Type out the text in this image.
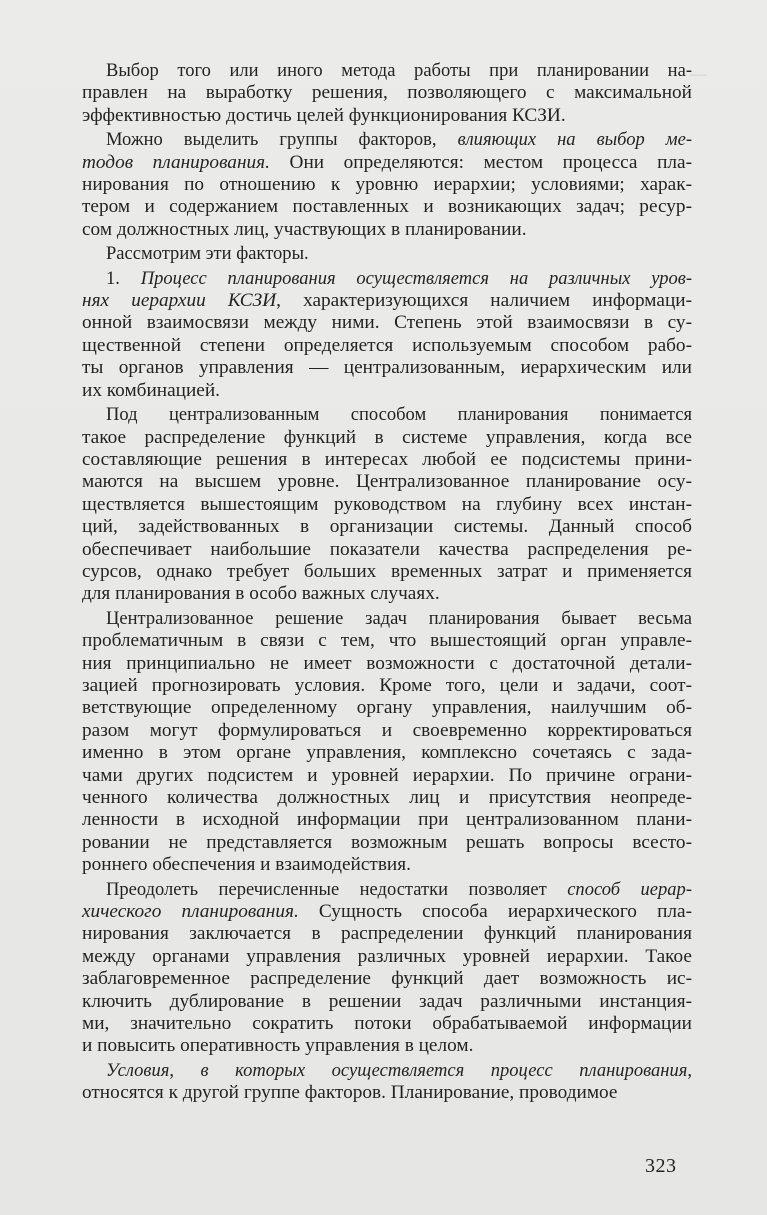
—
Выбор того или иного метода работы при планировании на-
правлен на выработку решения, позволяющего с максимальной
эффективностью достичь целей функционирования КСЗИ.
Можно выделить группы факторов, влияющих на выбор ме-
тодов планирования. Они определяются: местом процесса пла-
нирования по отношению к уровню иерархии; условиями; харак-
тером и содержанием поставленных и возникающих задач; ресур-
сом должностных лиц, участвующих в планировании.
Рассмотрим эти факторы.
1. Процесс планирования осуществляется на различных уров-
нях иерархии КСЗИ, характеризующихся наличием информаци-
онной взаимосвязи между ними. Степень этой взаимосвязи в су-
щественной степени определяется используемым способом рабо-
ты органов управления — централизованным, иерархическим или
их комбинацией.
Под централизованным способом планирования понимается
такое распределение функций в системе управления, когда все
составляющие решения в интересах любой ее подсистемы прини-
маются на высшем уровне. Централизованное планирование осу-
ществляется вышестоящим руководством на глубину всех инстан-
ций, задействованных в организации системы. Данный способ
обеспечивает наибольшие показатели качества распределения ре-
сурсов, однако требует больших временных затрат и применяется
для планирования в особо важных случаях.
Централизованное решение задач планирования бывает весьма
проблематичным в связи с тем, что вышестоящий орган управле-
ния принципиально не имеет возможности с достаточной детали-
зацией прогнозировать условия. Кроме того, цели и задачи, соот-
ветствующие определенному органу управления, наилучшим об-
разом могут формулироваться и своевременно корректироваться
именно в этом органе управления, комплексно сочетаясь с зада-
чами других подсистем и уровней иерархии. По причине ограни-
ченного количества должностных лиц и присутствия неопреде-
ленности в исходной информации при централизованном плани-
ровании не представляется возможным решать вопросы всесто-
роннего обеспечения и взаимодействия.
Преодолеть перечисленные недостатки позволяет способ иерар-
хического планирования. Сущность способа иерархического пла-
нирования заключается в распределении функций планирования
между органами управления различных уровней иерархии. Такое
заблаговременное распределение функций дает возможность ис-
ключить дублирование в решении задач различными инстанция-
ми, значительно сократить потоки обрабатываемой информации
и повысить оперативность управления в целом.
Условия, в которых осуществляется процесс планирования,
относятся к другой группе факторов. Планирование, проводимое
323
